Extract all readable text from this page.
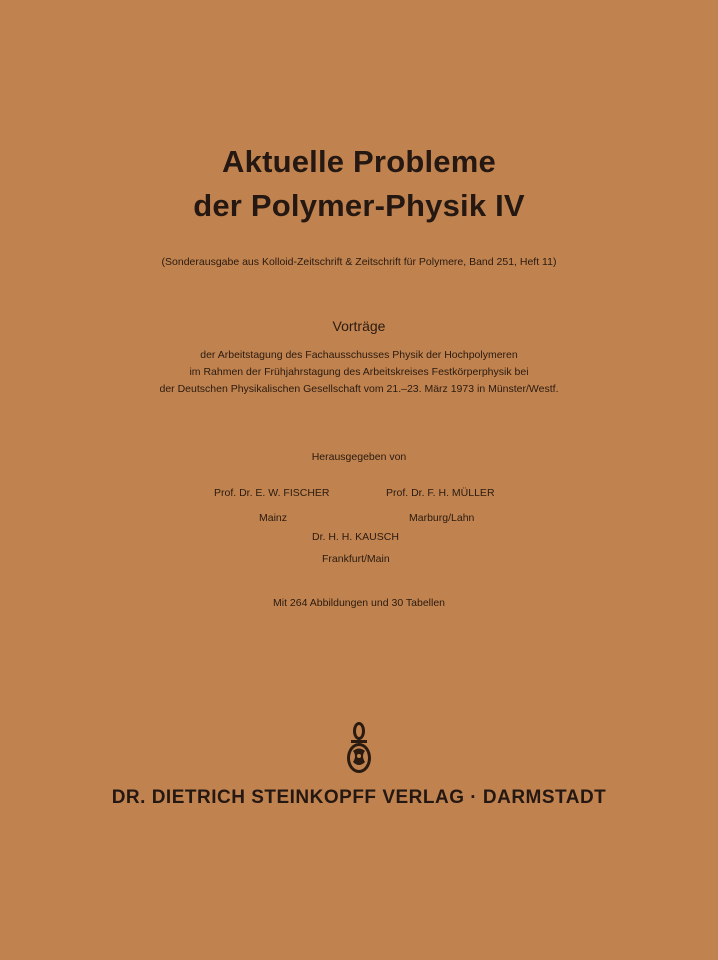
Aktuelle Probleme
der Polymer-Physik IV
(Sonderausgabe aus Kolloid-Zeitschrift & Zeitschrift für Polymere, Band 251, Heft 11)
Vorträge
der Arbeitstagung des Fachausschusses Physik der Hochpolymeren
im Rahmen der Frühjahrstagung des Arbeitskreises Festkörperphysik bei
der Deutschen Physikalischen Gesellschaft vom 21.–23. März 1973 in Münster/Westf.
Herausgegeben von
Prof. Dr. E. W. FISCHER
Mainz
Prof. Dr. F. H. MÜLLER
Marburg/Lahn
Dr. H. H. KAUSCH
Frankfurt/Main
Mit 264 Abbildungen und 30 Tabellen
DR. DIETRICH STEINKOPFF VERLAG · DARMSTADT
